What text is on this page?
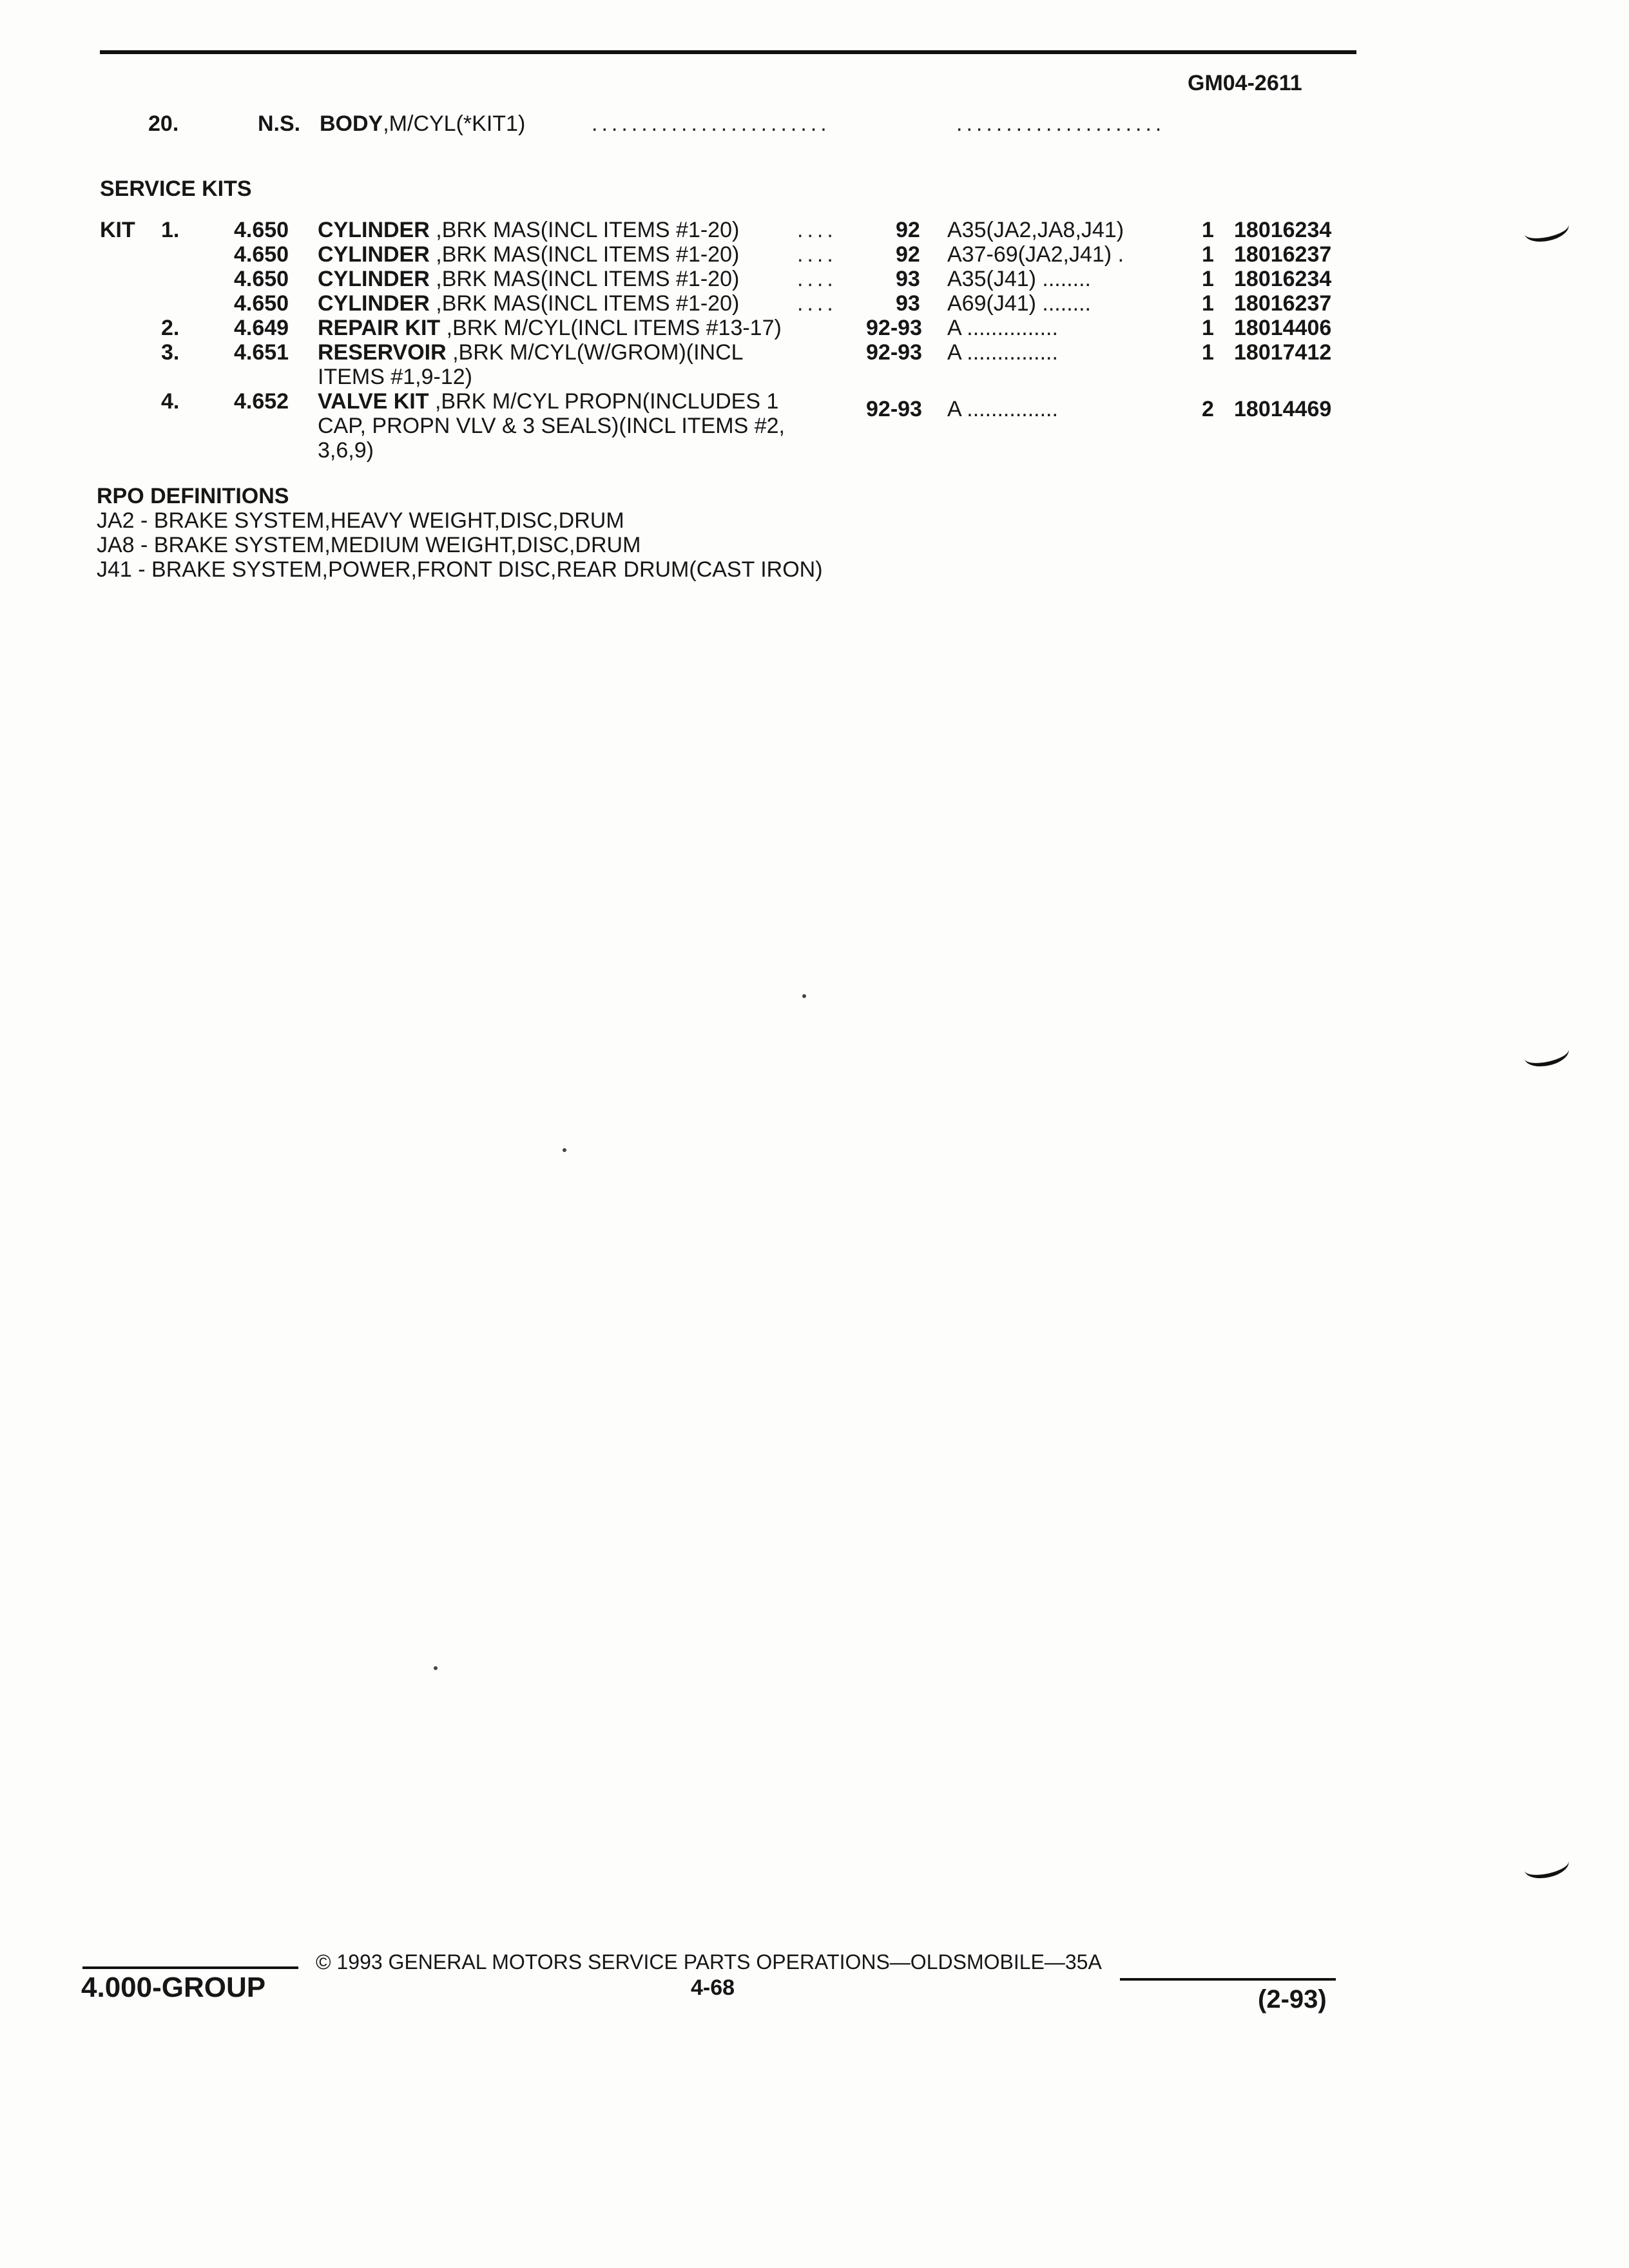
GM04-2611
20.	N.S. BODY,M/CYL(*KIT1)	........................	.....................
SERVICE KITS
KIT 1. 4.650 CYLINDER ,BRK MAS(INCL ITEMS #1-20)	....	92 A35(JA2,JA8,J41)	1 18016234
4.650 CYLINDER ,BRK MAS(INCL ITEMS #1-20)	....	92 A37-69(JA2,J41) .	1 18016237
4.650 CYLINDER ,BRK MAS(INCL ITEMS #1-20)	....	93 A35(J41) ........	1 18016234
4.650 CYLINDER ,BRK MAS(INCL ITEMS #1-20)	....	93 A69(J41) ........	1 18016237
2. 4.649 REPAIR KIT ,BRK M/CYL(INCL ITEMS #13-17)	92-93 A ...............	1 18014406
3. 4.651 RESERVOIR ,BRK M/CYL(W/GROM)(INCL
ITEMS #1,9-12)
92-93 A ...............	1 18017412
4. 4.652 VALVE KIT ,BRK M/CYL PROPN(INCLUDES 1
CAP, PROPN VLV & 3 SEALS)(INCL ITEMS #2,
3,6,9)
92-93 A ...............	2 18014469
RPO DEFINITIONS
JA2 - BRAKE SYSTEM,HEAVY WEIGHT,DISC,DRUM
JA8 - BRAKE SYSTEM,MEDIUM WEIGHT,DISC,DRUM
J41 - BRAKE SYSTEM,POWER,FRONT DISC,REAR DRUM(CAST IRON)
4.000-GROUP
© 1993 GENERAL MOTORS SERVICE PARTS OPERATIONS—OLDSMOBILE—35A
4-68	(2-93)
